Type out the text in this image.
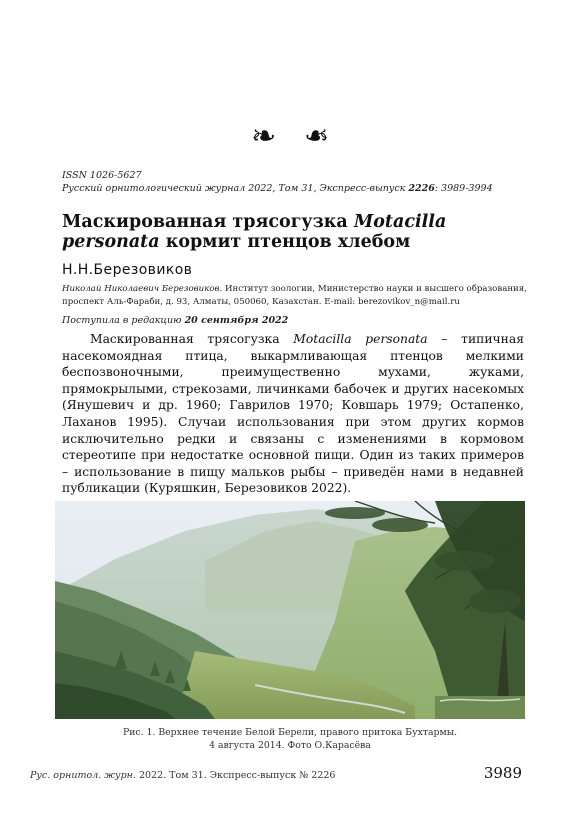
❧ ❧
ISSN 1026-5627
Русский орнитологический журнал 2022, Том 31, Экспресс-выпуск 2226: 3989-3994
Маскированная трясогузка Motacilla personata кормит птенцов хлебом
Н.Н.Березовиков
Николай Николаевич Березовиков. Институт зоологии, Министерство науки и высшего образования, проспект Аль-Фараби, д. 93, Алматы, 050060, Казахстан. E-mail: berezovikov_n@mail.ru
Поступила в редакцию 20 сентября 2022

Маскированная трясогузка Motacilla personata – типичная насекомоядная птица, выкармливающая птенцов мелкими беспозвоночными, преимущественно мухами, жуками, прямокрылыми, стрекозами, личинками бабочек и других насекомых (Янушевич и др. 1960; Гаврилов 1970; Ковшарь 1979; Остапенко, Лаханов 1995). Случаи использования при этом других кормов исключительно редки и связаны с изменениями в кормовом стереотипе при недостатке основной пищи. Один из таких примеров – использование в пищу мальков рыбы – приведён нами в недавней публикации (Куряшкин, Березовиков 2022).

Рис. 1. Верхнее течение Белой Берели, правого притока Бухтармы.
4 августа 2014. Фото О.Карасёва
Рус. орнитол. журн. 2022. Том 31. Экспресс-выпуск № 2226	3989
